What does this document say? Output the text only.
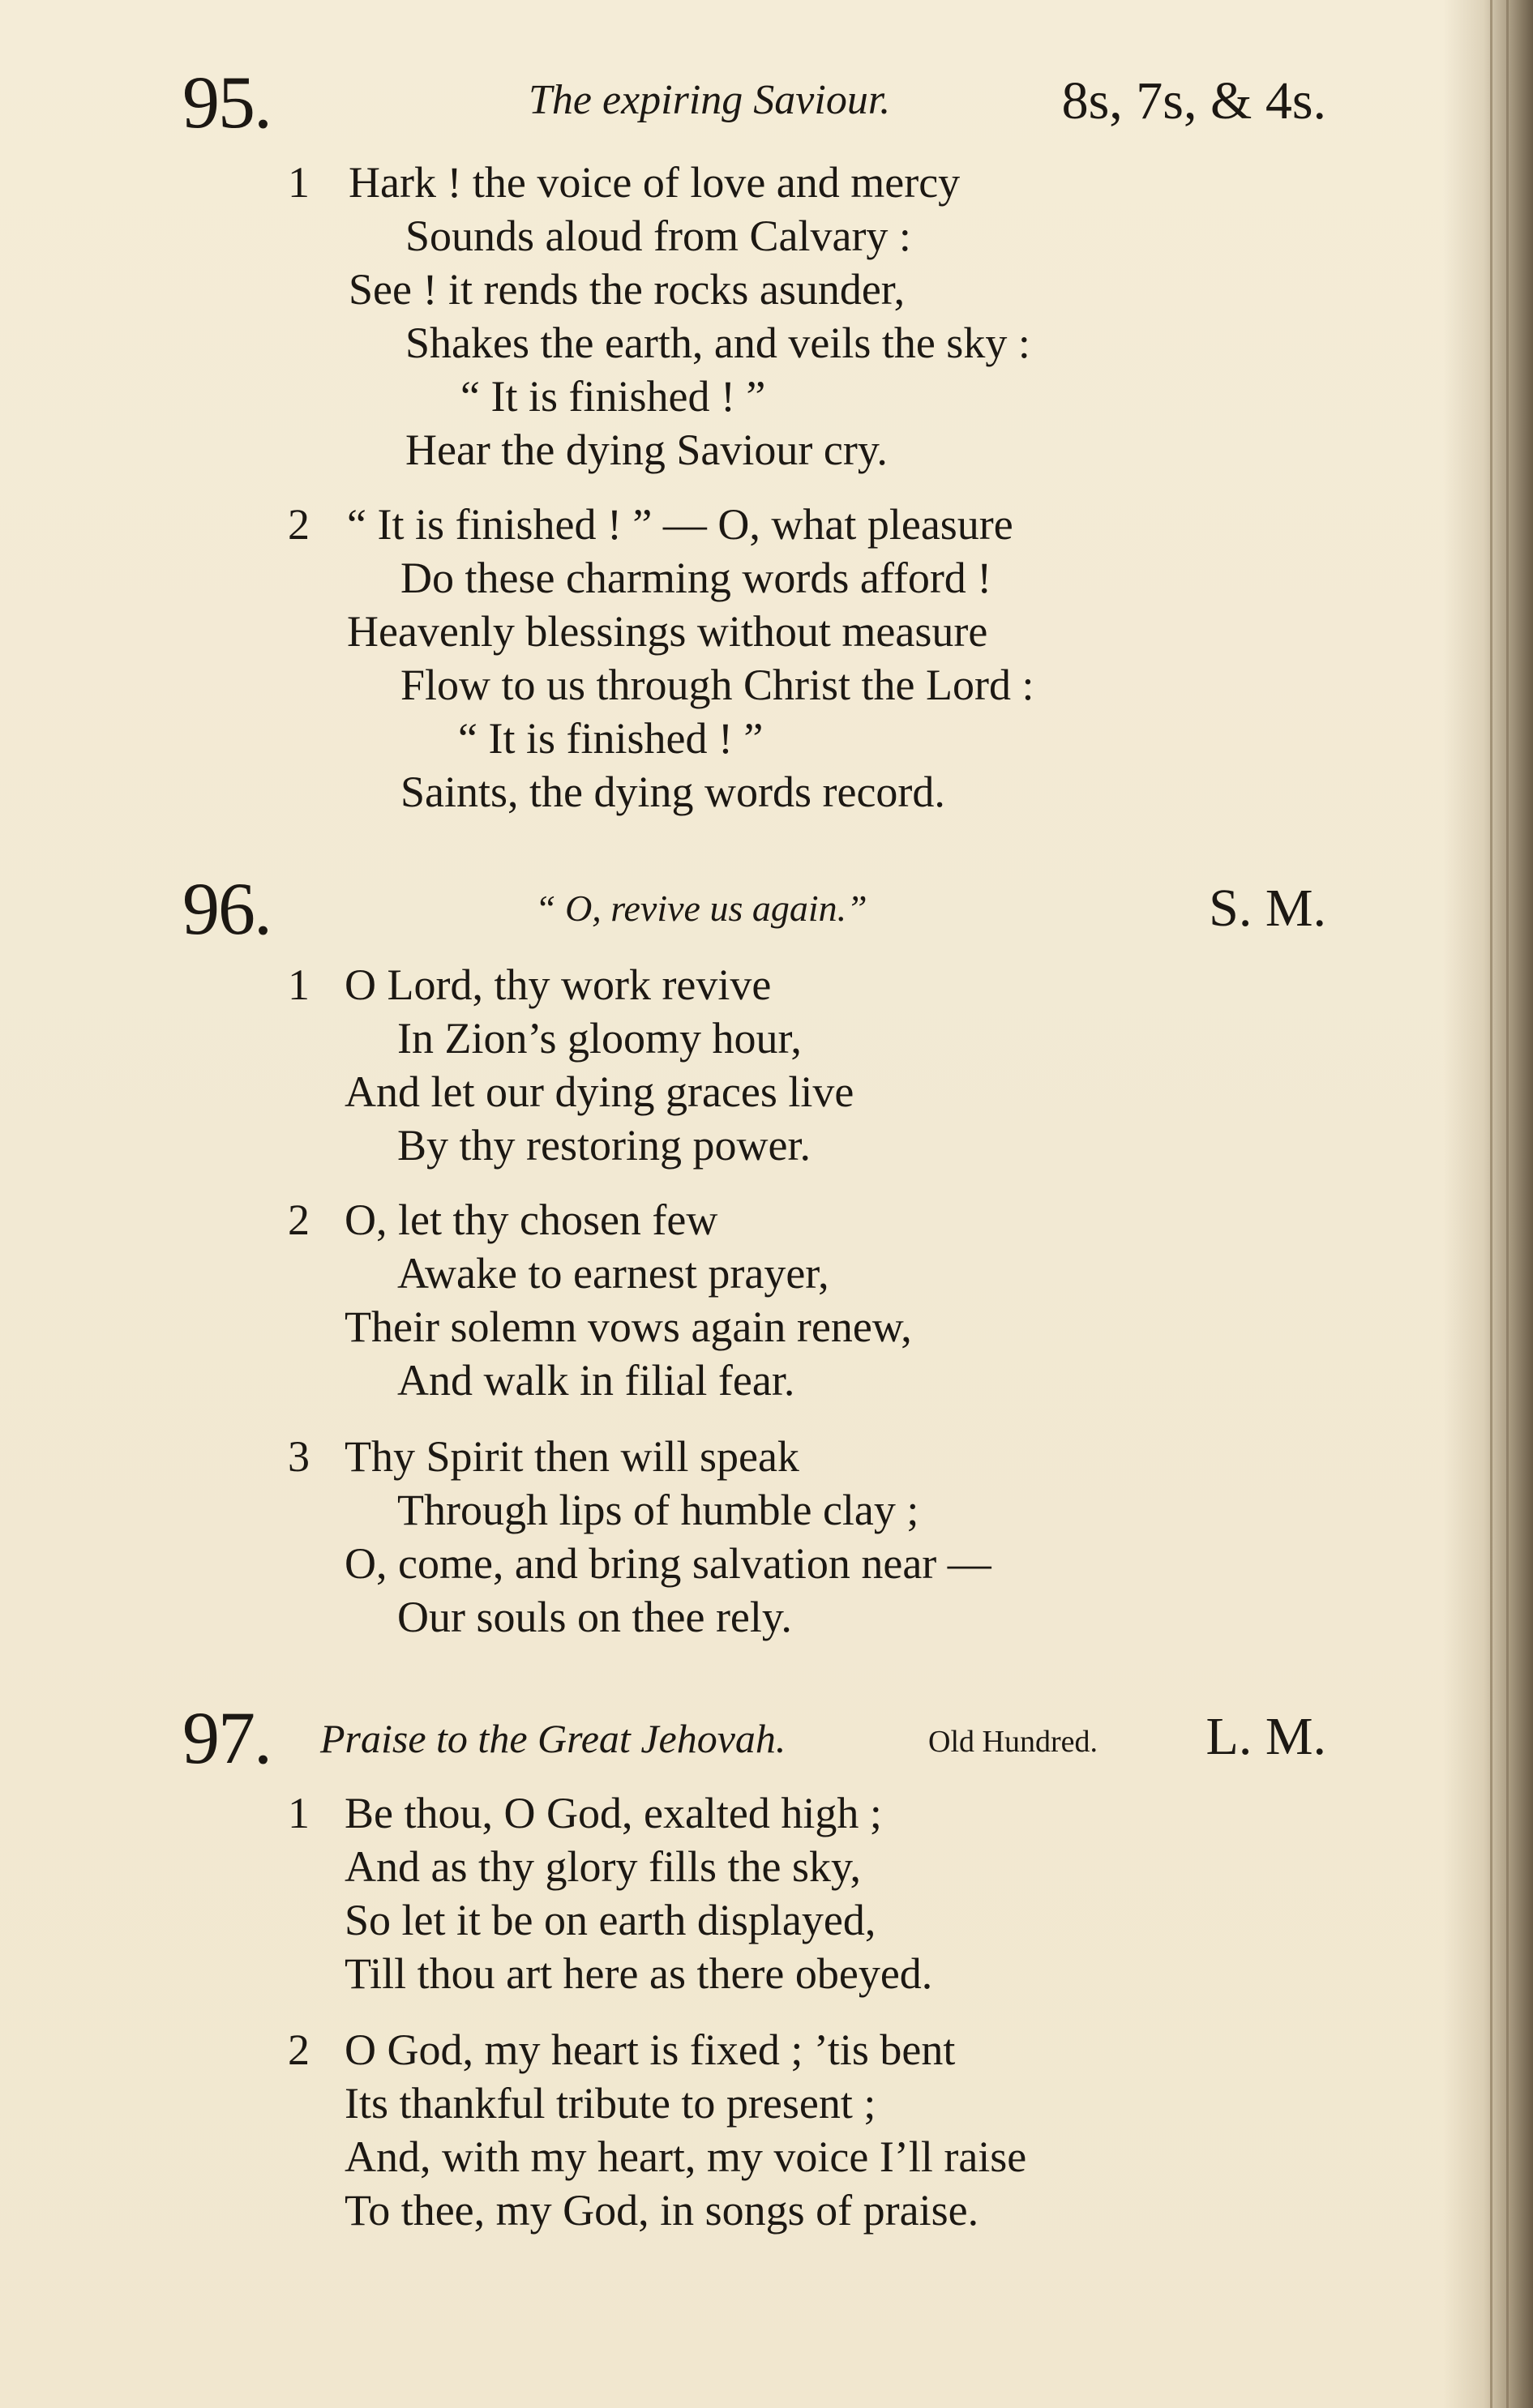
95.	The expiring Saviour.	8s, 7s, & 4s.
1 Hark ! the voice of love and mercy
Sounds aloud from Calvary :
See ! it rends the rocks asunder,
Shakes the earth, and veils the sky :
“ It is finished ! ”
Hear the dying Saviour cry.
2 “ It is finished ! ” — O, what pleasure
Do these charming words afford !
Heavenly blessings without measure
Flow to us through Christ the Lord :
“ It is finished ! ”
Saints, the dying words record.
96.	“ O, revive us again.”	S. M.
1 O Lord, thy work revive
In Zion’s gloomy hour,
And let our dying graces live
By thy restoring power.
2 O, let thy chosen few
Awake to earnest prayer,
Their solemn vows again renew,
And walk in filial fear.
3 Thy Spirit then will speak
Through lips of humble clay ;
O, come, and bring salvation near —
Our souls on thee rely.
97. Praise to the Great Jehovah.	Old Hundred. L. M.
1 Be thou, O God, exalted high ;
And as thy glory fills the sky,
So let it be on earth displayed,
Till thou art here as there obeyed.
2 O God, my heart is fixed ; ’tis bent
Its thankful tribute to present ;
And, with my heart, my voice I’ll raise
To thee, my God, in songs of praise.
